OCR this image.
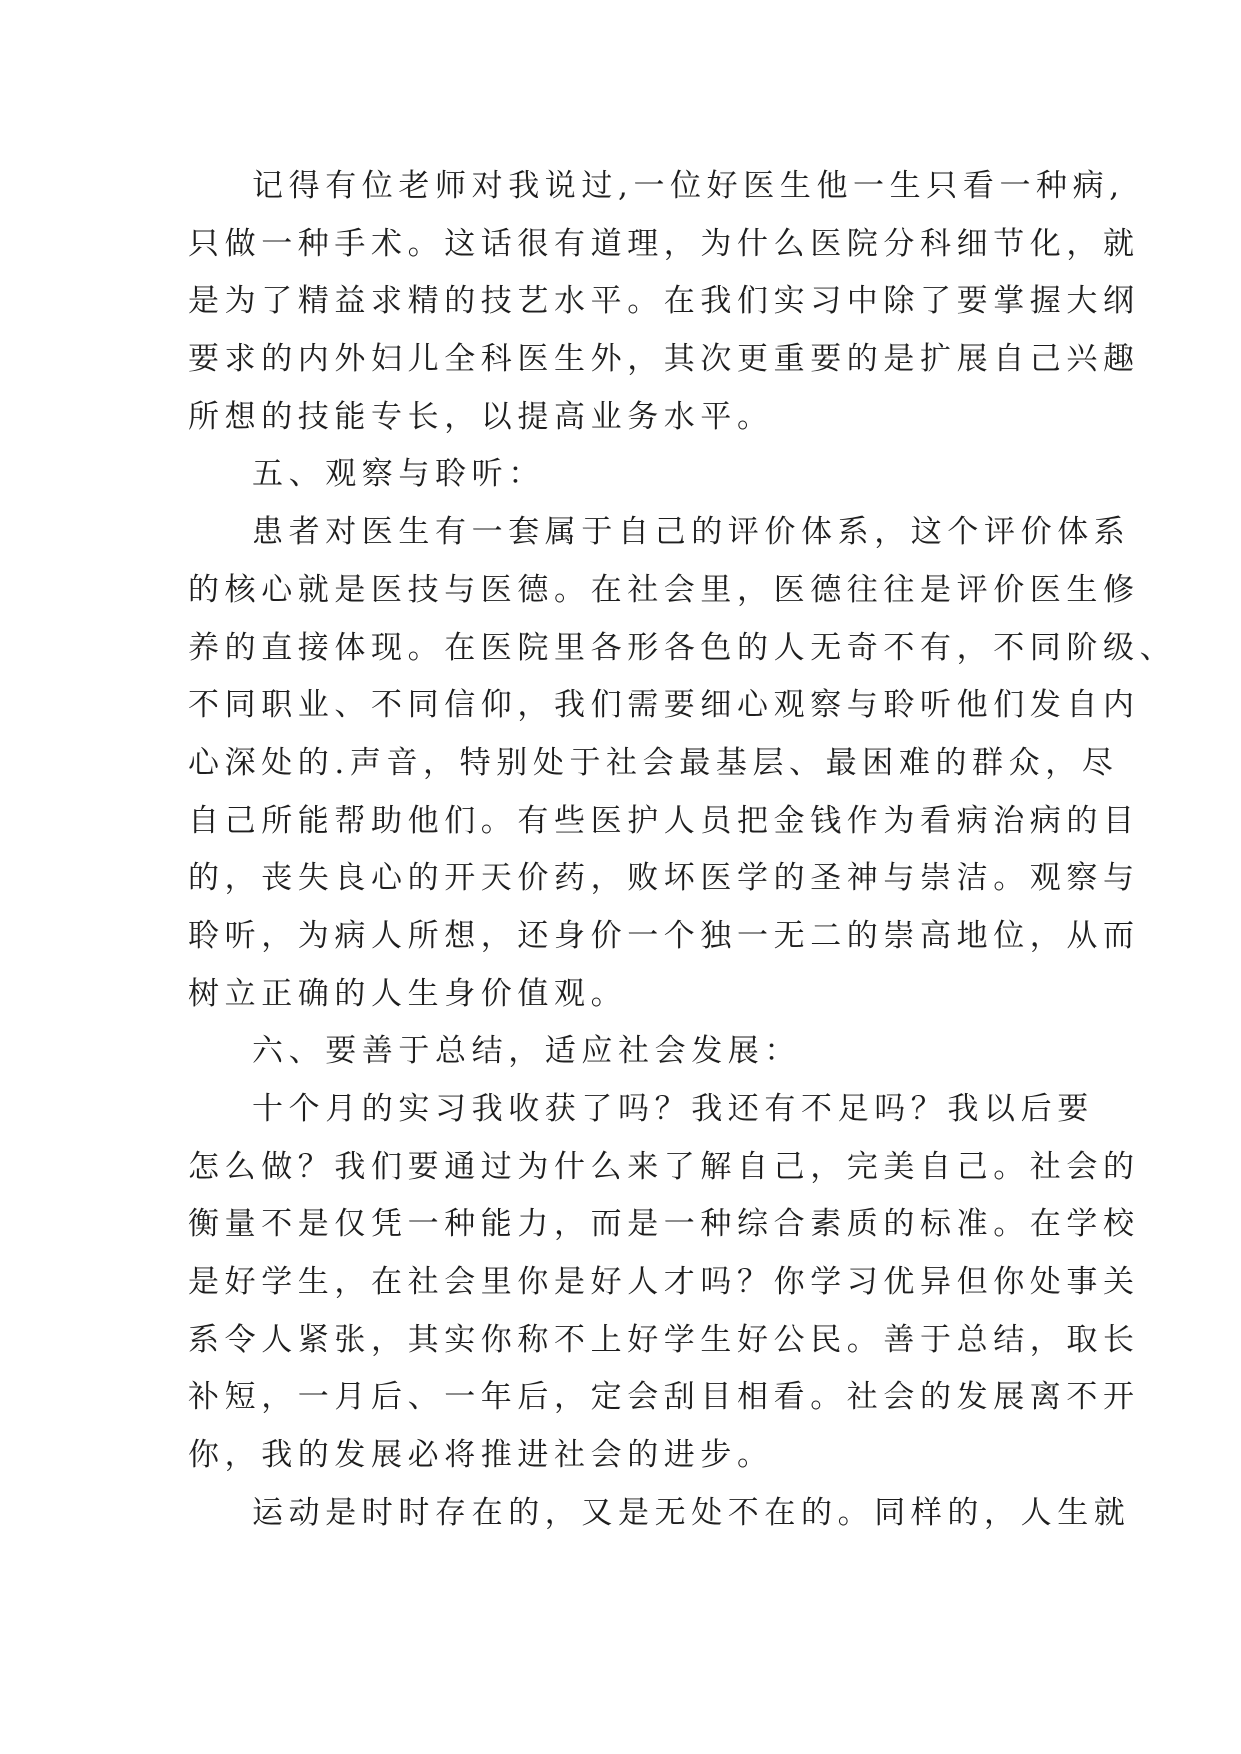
记得有位老师对我说过,一位好医生他一生只看一种病,
只做一种手术。这话很有道理，为什么医院分科细节化，就
是为了精益求精的技艺水平。在我们实习中除了要掌握大纲
要求的内外妇儿全科医生外，其次更重要的是扩展自己兴趣
所想的技能专长，以提高业务水平。
五、观察与聆听：
患者对医生有一套属于自己的评价体系，这个评价体系
的核心就是医技与医德。在社会里，医德往往是评价医生修
养的直接体现。在医院里各形各色的人无奇不有，不同阶级、
不同职业、不同信仰，我们需要细心观察与聆听他们发自内
心深处的.声音，特别处于社会最基层、最困难的群众，尽
自己所能帮助他们。有些医护人员把金钱作为看病治病的目
的，丧失良心的开天价药，败坏医学的圣神与崇洁。观察与
聆听，为病人所想，还身价一个独一无二的崇高地位，从而
树立正确的人生身价值观。
六、要善于总结，适应社会发展：
十个月的实习我收获了吗？我还有不足吗？我以后要
怎么做？我们要通过为什么来了解自己，完美自己。社会的
衡量不是仅凭一种能力，而是一种综合素质的标准。在学校
是好学生，在社会里你是好人才吗？你学习优异但你处事关
系令人紧张，其实你称不上好学生好公民。善于总结，取长
补短，一月后、一年后，定会刮目相看。社会的发展离不开
你，我的发展必将推进社会的进步。
运动是时时存在的，又是无处不在的。同样的，人生就
